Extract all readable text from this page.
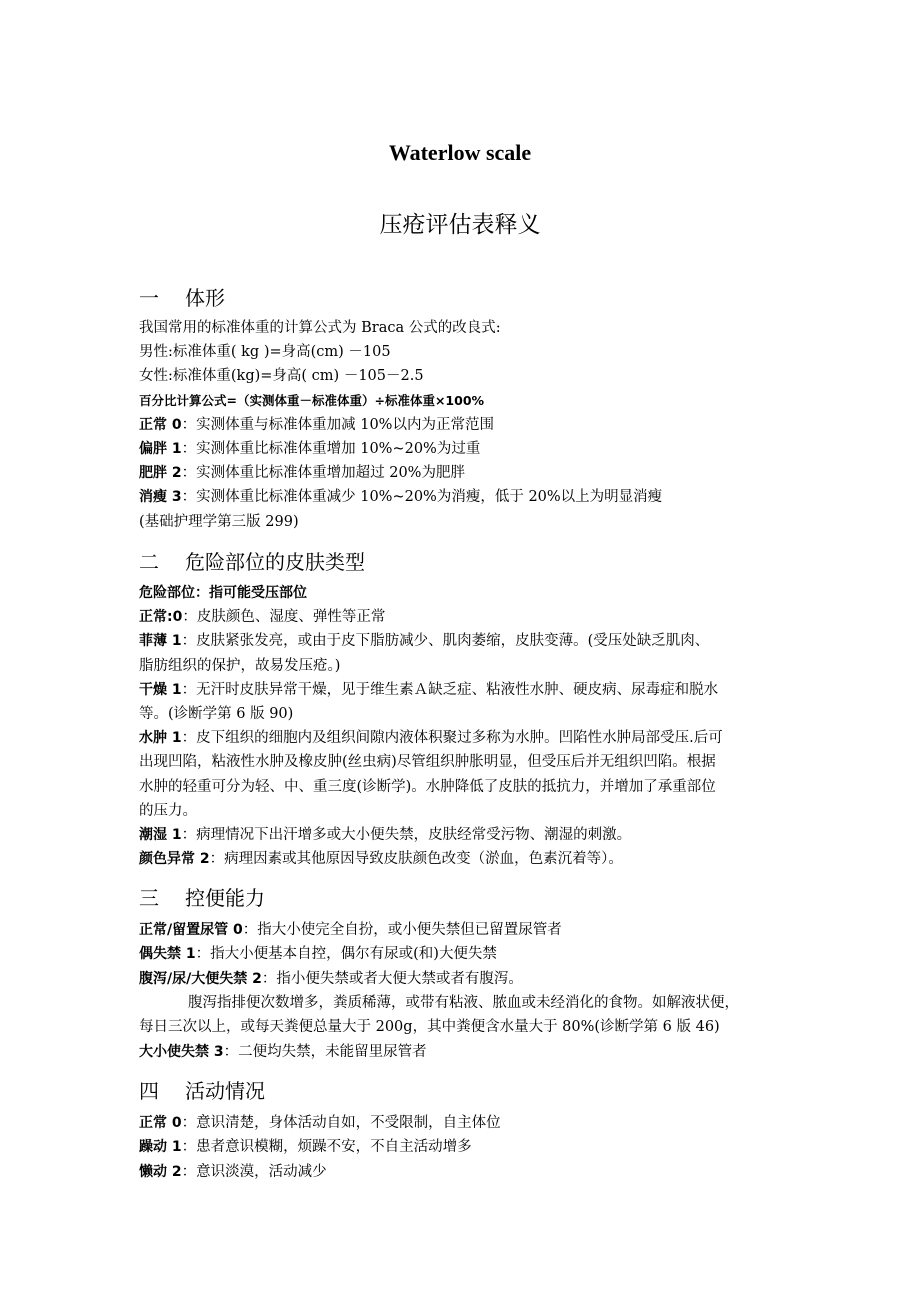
Waterlow scale
压疮评估表释义
一 体形
我国常用的标准体重的计算公式为 Braca 公式的改良式:
男性:标准体重( kg )=身高(cm) －105
女性:标准体重(kg)=身高( cm) －105－2.5
百分比计算公式=（实测体重－标准体重）÷标准体重×100%
正常 0：实测体重与标准体重加减 10%以内为正常范围
偏胖 1：实测体重比标准体重增加 10%~20%为过重
肥胖 2：实测体重比标准体重增加超过 20%为肥胖
消瘦 3：实测体重比标准体重减少 10%~20%为消瘦，低于 20%以上为明显消瘦
(基础护理学第三版 299)
二 危险部位的皮肤类型
危险部位：指可能受压部位
正常:0：皮肤颜色、湿度、弹性等正常
菲薄 1：皮肤紧张发亮，或由于皮下脂肪减少、肌肉萎缩，皮肤变薄。(受压处缺乏肌肉、
脂肪组织的保护，故易发压疮。)
干燥 1：无汗时皮肤异常干燥，见于维生素Ａ缺乏症、粘液性水肿、硬皮病、尿毒症和脱水
等。(诊断学第 6 版 90)
水肿 1：皮下组织的细胞内及组织间隙内液体积聚过多称为水肿。凹陷性水肿局部受压.后可
出现凹陷，粘液性水肿及橡皮肿(丝虫病)尽管组织肿胀明显，但受压后并无组织凹陷。根据
水肿的轻重可分为轻、中、重三度(诊断学)。水肿降低了皮肤的抵抗力，并增加了承重部位
的压力。
潮湿 1：病理情况下出汗增多或大小便失禁，皮肤经常受污物、潮湿的刺激。
颜色异常 2：病理因素或其他原因导致皮肤颜色改变（淤血，色素沉着等）。
三 控便能力
正常/留置尿管 0：指大小使完全自扮，或小便失禁但已留置尿管者
偶失禁 1：指大小便基本自控，偶尔有尿或(和)大便失禁
腹泻/尿/大便失禁 2：指小便失禁或者大便大禁或者有腹泻。
腹泻指排便次数增多，粪质稀薄，或带有粘液、脓血或未经消化的食物。如解液状便，
每日三次以上，或每天粪便总量大于 200g，其中粪便含水量大于 80%(诊断学第 6 版 46)
大小使失禁 3：二便均失禁，未能留里尿管者
四 活动情况
正常 0：意识清楚，身体活动自如，不受限制，自主体位
躁动 1：患者意识模糊，烦躁不安，不自主活动增多
懒动 2：意识淡漠，活动减少
